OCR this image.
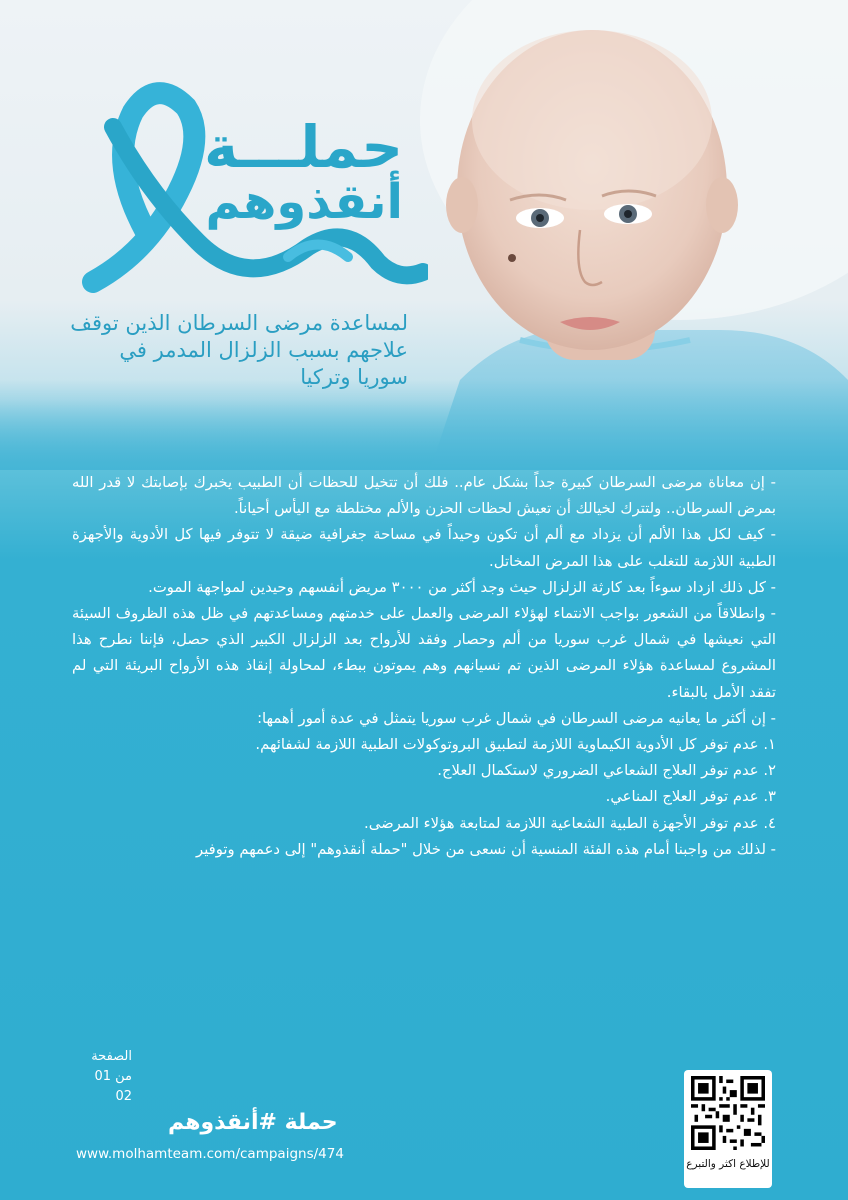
حملـــة
أنقذوهم
لمساعدة مرضى السرطان الذين توقف علاجهم بسبب الزلزال المدمر في سوريا وتركيا

- إن معاناة مرضى السرطان كبيرة جداً بشكل عام.. فلك أن تتخيل للحظات أن الطبيب يخبرك بإصابتك لا قدر الله بمرض السرطان.. ولتترك لخيالك أن تعيش لحظات الحزن والألم مختلطة مع اليأس أحياناً.

- كيف لكل هذا الألم أن يزداد مع ألم أن تكون وحيداً في مساحة جغرافية ضيقة لا تتوفر فيها كل الأدوية والأجهزة الطبية اللازمة للتغلب على هذا المرض المخاتل.

- كل ذلك ازداد سوءاً بعد كارثة الزلزال حيث وجد أكثر من ٣٠٠٠ مريض أنفسهم وحيدين لمواجهة الموت.

- وانطلاقاً من الشعور بواجب الانتماء لهؤلاء المرضى والعمل على خدمتهم ومساعدتهم في ظل هذه الظروف السيئة التي نعيشها في شمال غرب سوريا من ألم وحصار وفقد للأرواح بعد الزلزال الكبير الذي حصل، فإننا نطرح هذا المشروع لمساعدة هؤلاء المرضى الذين تم نسيانهم وهم يموتون ببطء، لمحاولة إنقاذ هذه الأرواح البريئة التي لم تفقد الأمل بالبقاء.

- إن أكثر ما يعانيه مرضى السرطان في شمال غرب سوريا يتمثل في عدة أمور أهمها:

١. عدم توفر كل الأدوية الكيماوية اللازمة لتطبيق البروتوكولات الطبية اللازمة لشفائهم.

٢. عدم توفر العلاج الشعاعي الضروري لاستكمال العلاج.

٣. عدم توفر العلاج المناعي.

٤. عدم توفر الأجهزة الطبية الشعاعية اللازمة لمتابعة هؤلاء المرضى.

- لذلك من واجبنا أمام هذه الفئة المنسية أن نسعى من خلال "حملة أنقذوهم" إلى دعمهم وتوفير

الصفحة
01 من 02
حملة #أنقذوهم
www.molhamteam.com/campaigns/474
للإطلاع اكثر والتبرع
